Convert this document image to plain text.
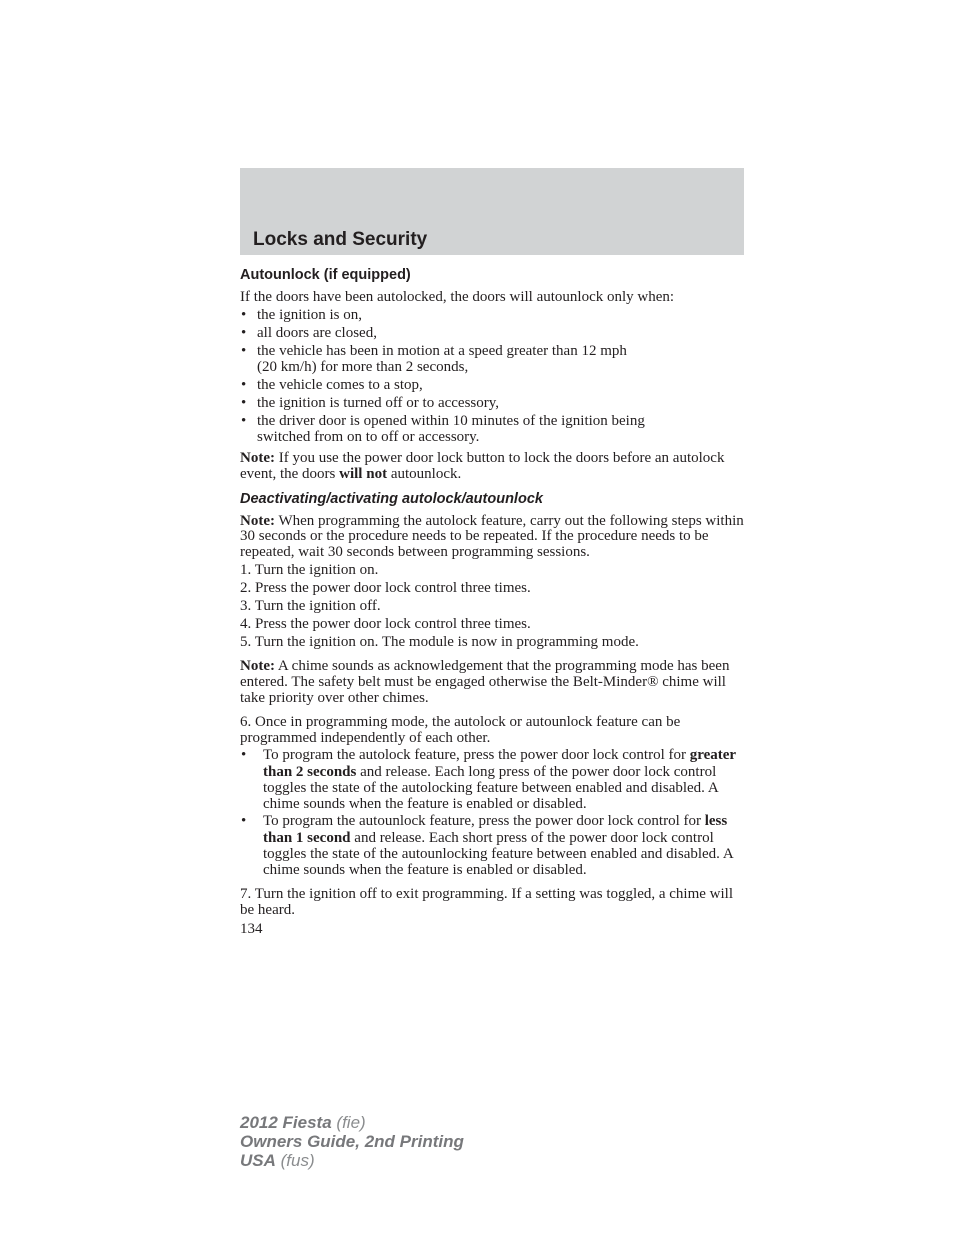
Locks and Security
Autounlock (if equipped)

If the doors have been autolocked, the doors will autounlock only when:

• the ignition is on,
• all doors are closed,
• the vehicle has been in motion at a speed greater than 12 mph
(20 km/h) for more than 2 seconds,
• the vehicle comes to a stop,
• the ignition is turned off or to accessory,
• the driver door is opened within 10 minutes of the ignition being
switched from on to off or accessory.

Note: If you use the power door lock button to lock the doors before an autolock event, the doors will not autounlock.

Deactivating/activating autolock/autounlock

Note: When programming the autolock feature, carry out the following steps within 30 seconds or the procedure needs to be repeated. If the procedure needs to be repeated, wait 30 seconds between programming sessions.

1. Turn the ignition on.

2. Press the power door lock control three times.

3. Turn the ignition off.

4. Press the power door lock control three times.

5. Turn the ignition on. The module is now in programming mode.

Note: A chime sounds as acknowledgement that the programming mode has been entered. The safety belt must be engaged otherwise the Belt-Minder® chime will take priority over other chimes.

6. Once in programming mode, the autolock or autounlock feature can be programmed independently of each other.

• To program the autolock feature, press the power door lock control for greater than 2 seconds and release. Each long press of the power door lock control toggles the state of the autolocking feature between enabled and disabled. A chime sounds when the feature is enabled or disabled.
• To program the autounlock feature, press the power door lock control for less than 1 second and release. Each short press of the power door lock control toggles the state of the autounlocking feature between enabled and disabled. A chime sounds when the feature is enabled or disabled.

7. Turn the ignition off to exit programming. If a setting was toggled, a chime will be heard.

134

2012 Fiesta (fie)
Owners Guide, 2nd Printing
USA (fus)
